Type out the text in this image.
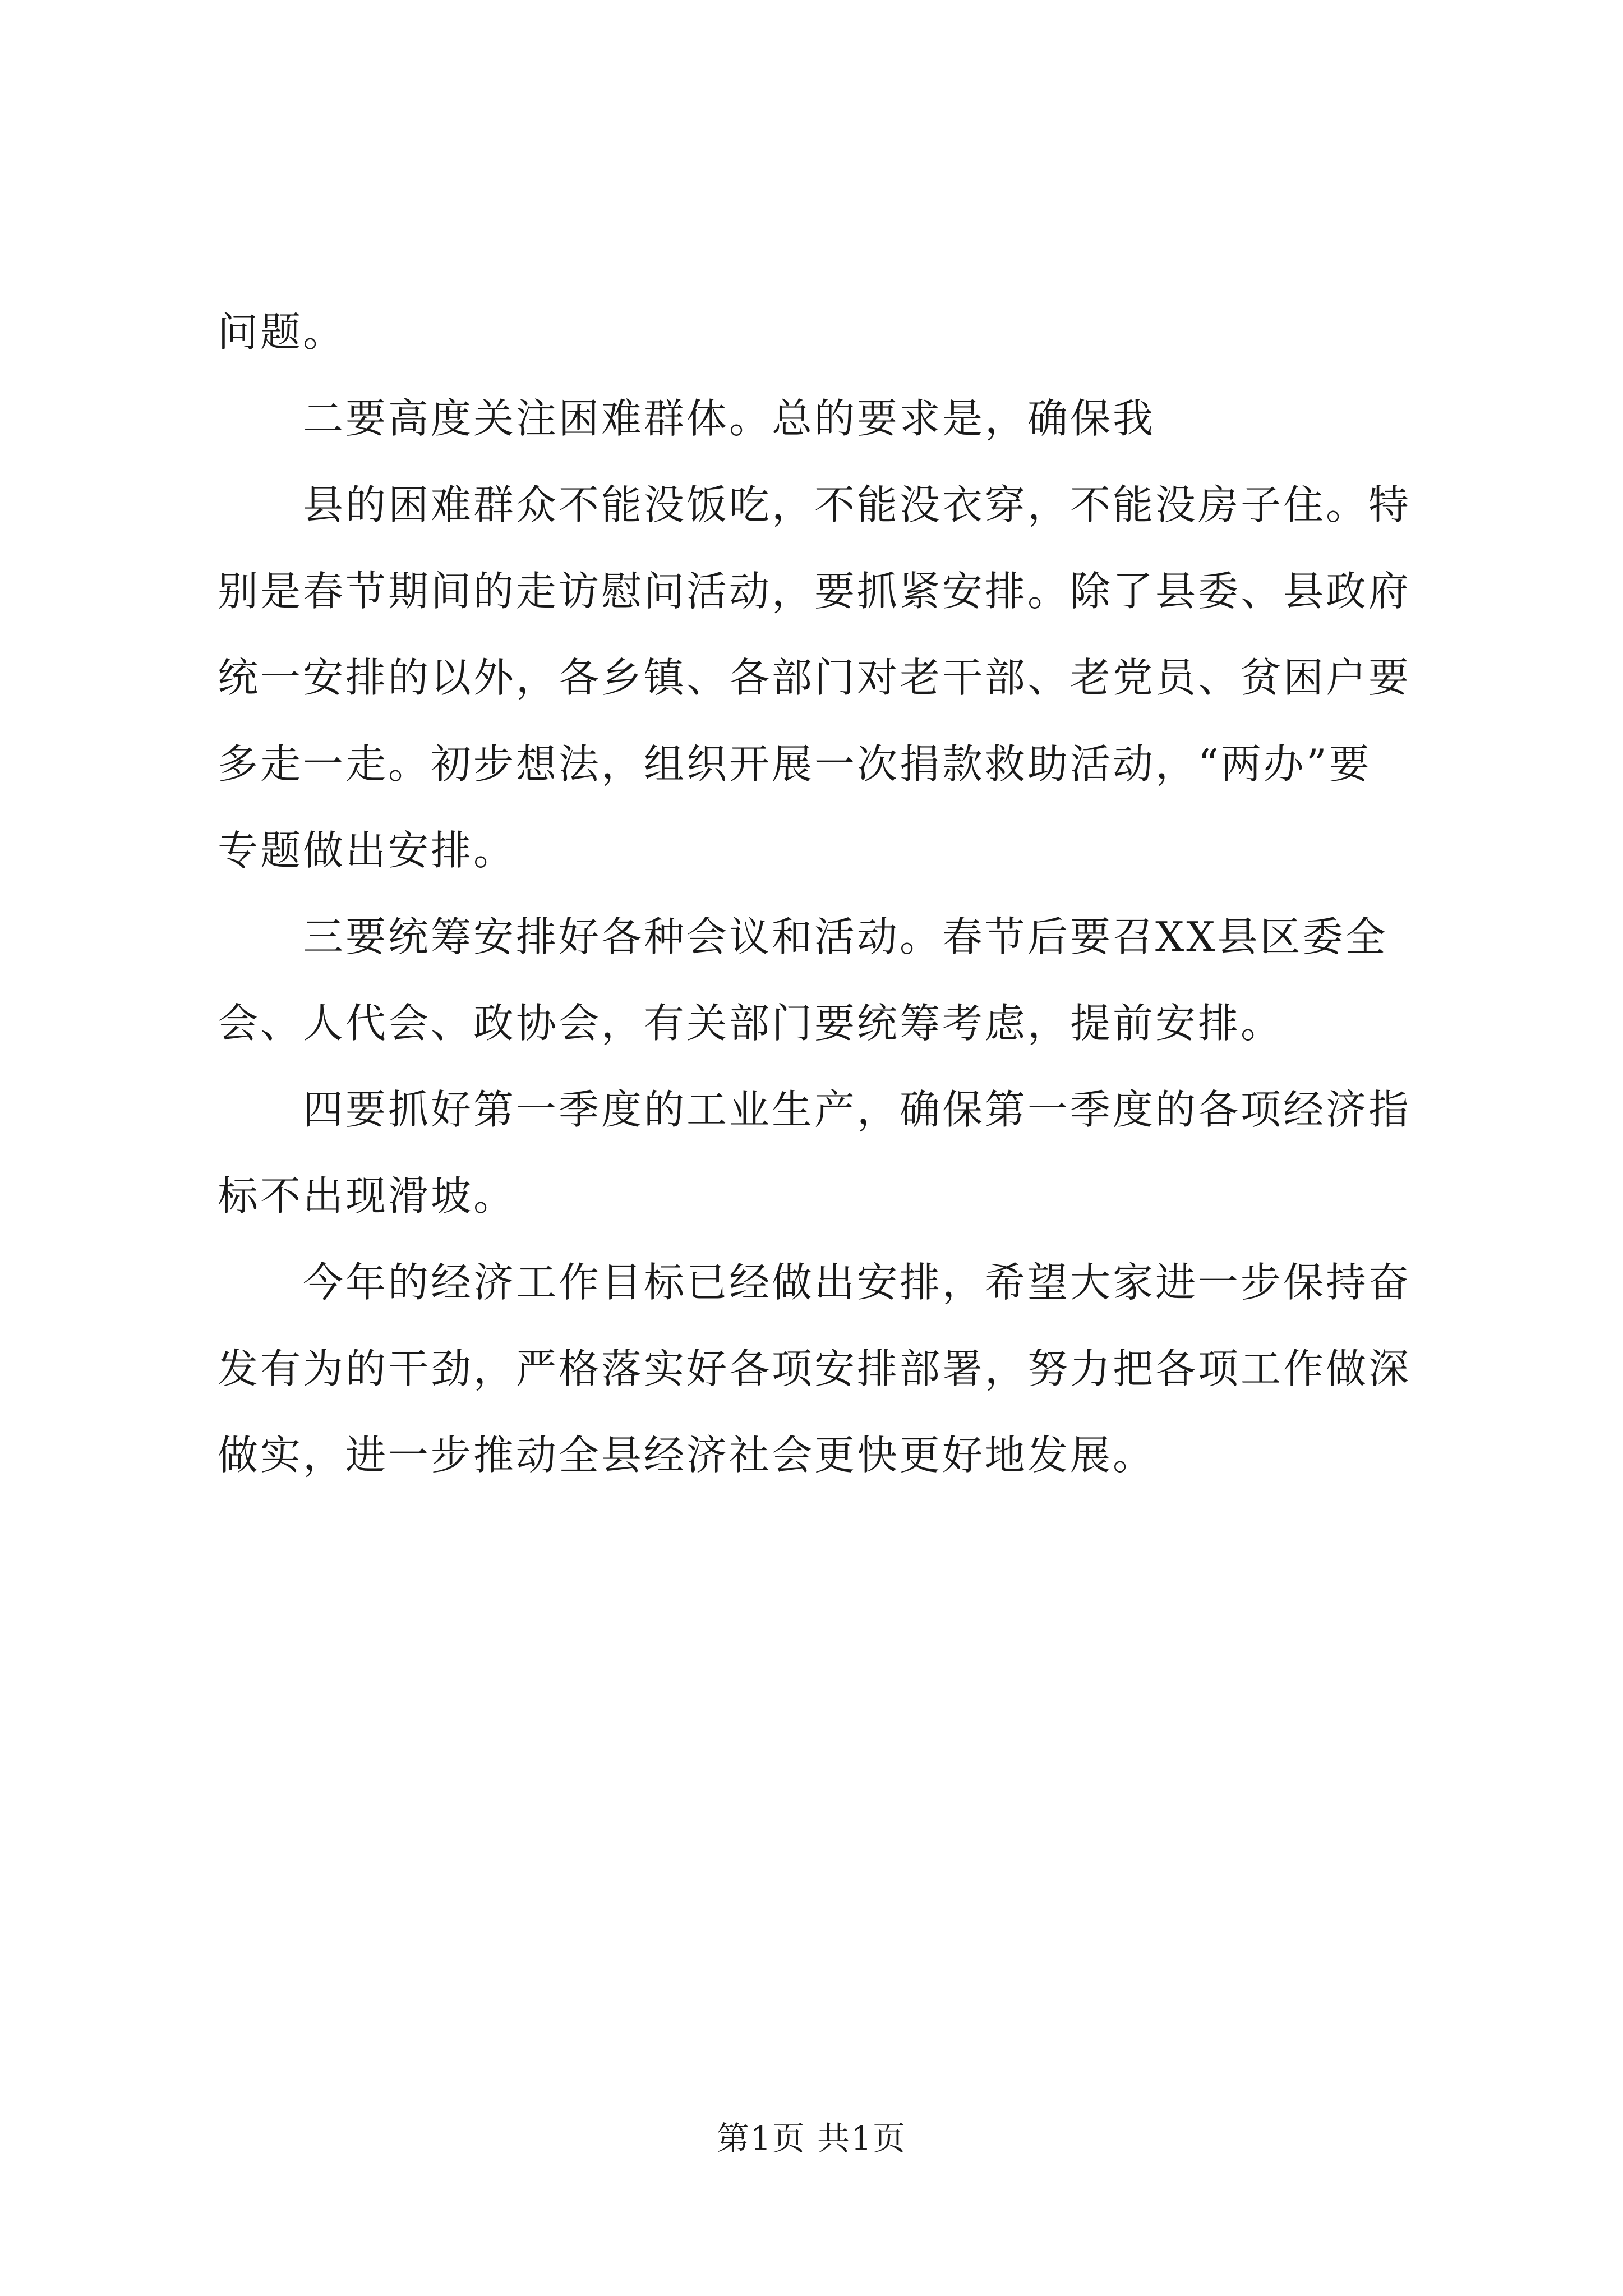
问题。
二要高度关注困难群体。总的要求是，确保我
县的困难群众不能没饭吃，不能没衣穿，不能没房子住。特
别是春节期间的走访慰问活动，要抓紧安排。除了县委、县政府
统一安排的以外，各乡镇、各部门对老干部、老党员、贫困户要
多走一走。初步想法，组织开展一次捐款救助活动，“两办”要
专题做出安排。
三要统筹安排好各种会议和活动。春节后要召XX县区委全
会、人代会、政协会，有关部门要统筹考虑，提前安排。
四要抓好第一季度的工业生产，确保第一季度的各项经济指
标不出现滑坡。
今年的经济工作目标已经做出安排，希望大家进一步保持奋
发有为的干劲，严格落实好各项安排部署，努力把各项工作做深
做实，进一步推动全县经济社会更快更好地发展。
第1页 共1页
